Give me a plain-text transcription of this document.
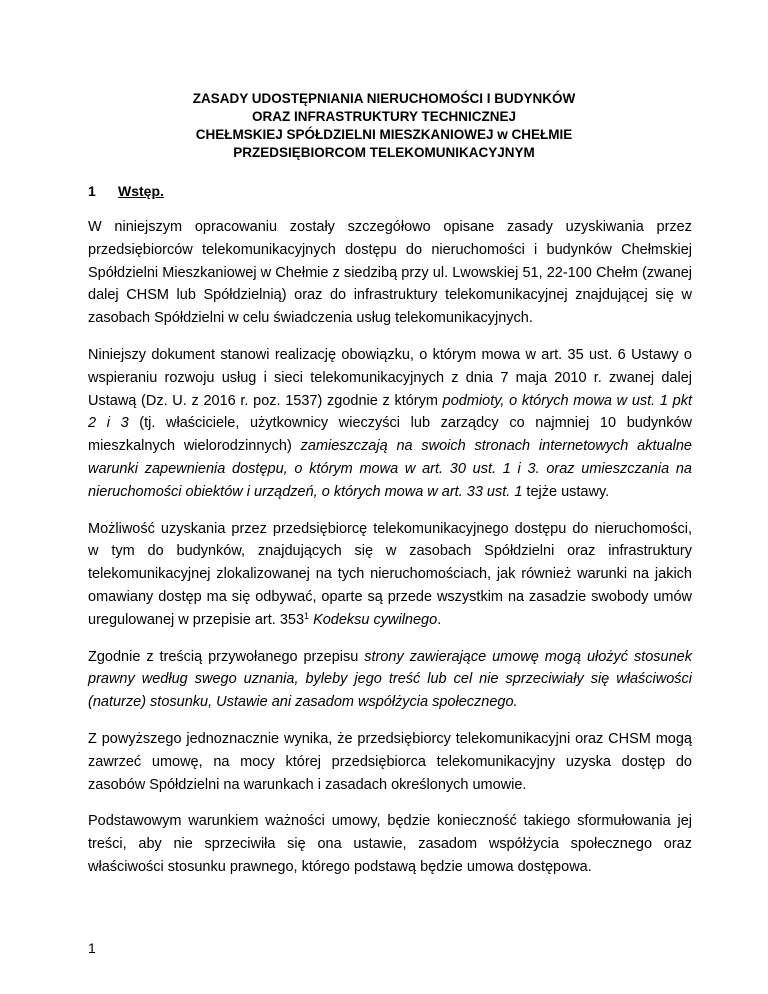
ZASADY UDOSTĘPNIANIA NIERUCHOMOŚCI I BUDYNKÓW
ORAZ INFRASTRUKTURY TECHNICZNEJ
CHEŁMSKIEJ SPÓŁDZIELNI MIESZKANIOWEJ w CHEŁMIE
PRZEDSIĘBIORCOM TELEKOMUNIKACYJNYM
1 Wstęp.

W niniejszym opracowaniu zostały szczegółowo opisane zasady uzyskiwania przez przedsiębiorców telekomunikacyjnych dostępu do nieruchomości i budynków Chełmskiej Spółdzielni Mieszkaniowej w Chełmie z siedzibą przy ul. Lwowskiej 51, 22-100 Chełm (zwanej dalej CHSM lub Spółdzielnią) oraz do infrastruktury telekomunikacyjnej znajdującej się w zasobach Spółdzielni w celu świadczenia usług telekomunikacyjnych.

Niniejszy dokument stanowi realizację obowiązku, o którym mowa w art. 35 ust. 6 Ustawy o wspieraniu rozwoju usług i sieci telekomunikacyjnych z dnia 7 maja 2010 r. zwanej dalej Ustawą (Dz. U. z 2016 r. poz. 1537) zgodnie z którym podmioty, o których mowa w ust. 1 pkt 2 i 3 (tj. właściciele, użytkownicy wieczyści lub zarządcy co najmniej 10 budynków mieszkalnych wielorodzinnych) zamieszczają na swoich stronach internetowych aktualne warunki zapewnienia dostępu, o którym mowa w art. 30 ust. 1 i 3. oraz umieszczania na nieruchomości obiektów i urządzeń, o których mowa w art. 33 ust. 1 tejże ustawy.

Możliwość uzyskania przez przedsiębiorcę telekomunikacyjnego dostępu do nieruchomości, w tym do budynków, znajdujących się w zasobach Spółdzielni oraz infrastruktury telekomunikacyjnej zlokalizowanej na tych nieruchomościach, jak również warunki na jakich omawiany dostęp ma się odbywać, oparte są przede wszystkim na zasadzie swobody umów uregulowanej w przepisie art. $353^1$ Kodeksu cywilnego.

Zgodnie z treścią przywołanego przepisu strony zawierające umowę mogą ułożyć stosunek prawny według swego uznania, byleby jego treść lub cel nie sprzeciwiały się właściwości (naturze) stosunku, Ustawie ani zasadom współżycia społecznego.

Z powyższego jednoznacznie wynika, że przedsiębiorcy telekomunikacyjni oraz CHSM mogą zawrzeć umowę, na mocy której przedsiębiorca telekomunikacyjny uzyska dostęp do zasobów Spółdzielni na warunkach i zasadach określonych umowie.

Podstawowym warunkiem ważności umowy, będzie konieczność takiego sformułowania jej treści, aby nie sprzeciwiła się ona ustawie, zasadom współżycia społecznego oraz właściwości stosunku prawnego, którego podstawą będzie umowa dostępowa.

1
